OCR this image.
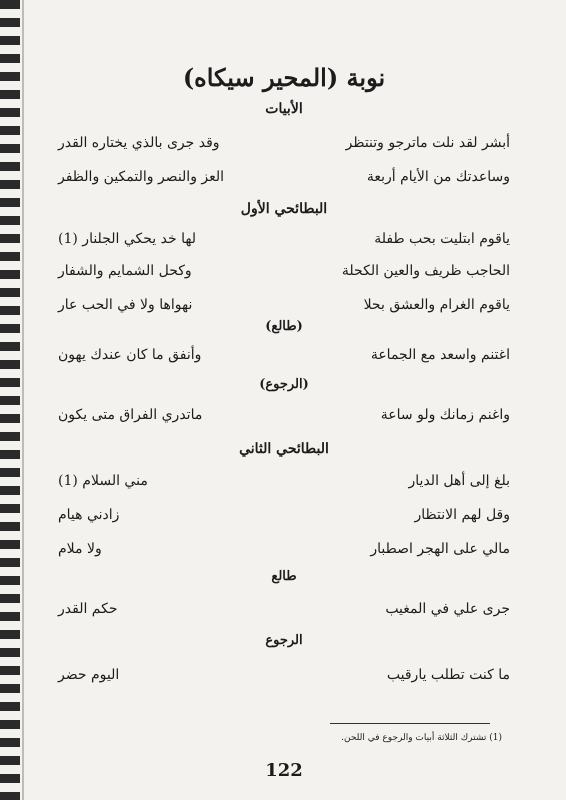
نوبة (المحير سيكاه)
الأبيات
أبشر لقد نلت ماترجو وتنتظر
وقد جرى بالذي يختاره القدر
وساعدتك من الأيام أربعة
العز والنصر والتمكين والظفر
البطائحي الأول
ياقوم ابتليت بحب طفلة
لها خد يحكي الجلنار (1)
الحاجب ظريف والعين الكحلة
وكحل الشمايم والشفار
ياقوم الغرام والعشق بحلا
نهواها ولا في الحب عار
(طالع)
اغتنم واسعد مع الجماعة
وأنفق ما كان عندك يهون
(الرجوع)
واغنم زمانك ولو ساعة
ماتدري الفراق متى يكون
البطائحي الثاني
بلغ إلى أهل الديار
مني السلام (1)
وقل لهم الانتظار
زادني هيام
مالي على الهجر اصطبار
ولا ملام
طالع
جرى علي في المغيب
حكم القدر
الرجوع
ما كنت تطلب يارقيب
اليوم حضر
(1) تشترك الثلاثة أبيات والرجوع في اللحن.
122
